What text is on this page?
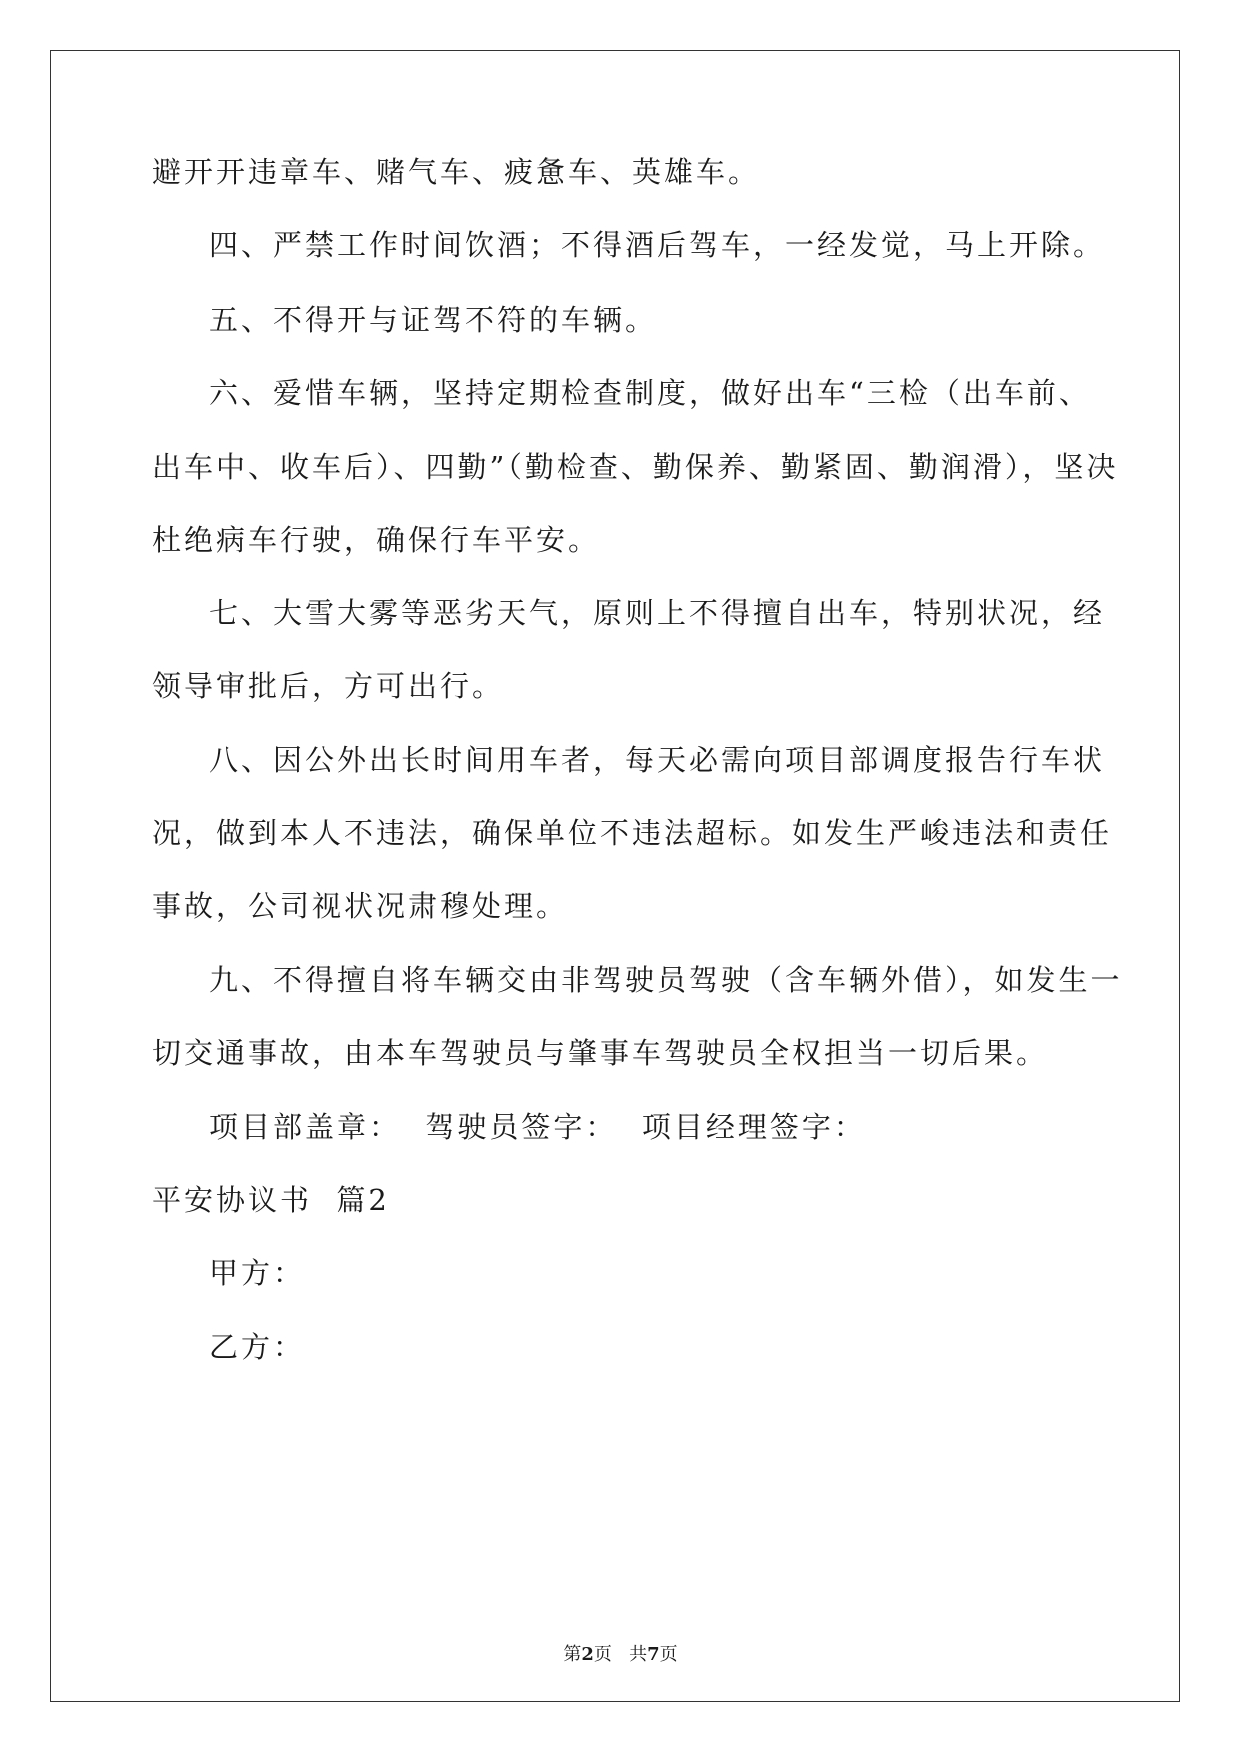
避开开违章车、赌气车、疲惫车、英雄车。
四、严禁工作时间饮酒；不得酒后驾车，一经发觉，马上开除。
五、不得开与证驾不符的车辆。
六、爱惜车辆，坚持定期检查制度，做好出车“三检（出车前、
出车中、收车后）、四勤”（勤检查、勤保养、勤紧固、勤润滑），坚决
杜绝病车行驶，确保行车平安。
七、大雪大雾等恶劣天气，原则上不得擅自出车，特别状况，经
领导审批后，方可出行。
八、因公外出长时间用车者，每天必需向项目部调度报告行车状
况，做到本人不违法，确保单位不违法超标。如发生严峻违法和责任
事故，公司视状况肃穆处理。
九、不得擅自将车辆交由非驾驶员驾驶（含车辆外借），如发生一
切交通事故，由本车驾驶员与肇事车驾驶员全权担当一切后果。
项目部盖章：  驾驶员签字：  项目经理签字：
平安协议书  篇2
甲方：
乙方：
第2页   共7页
